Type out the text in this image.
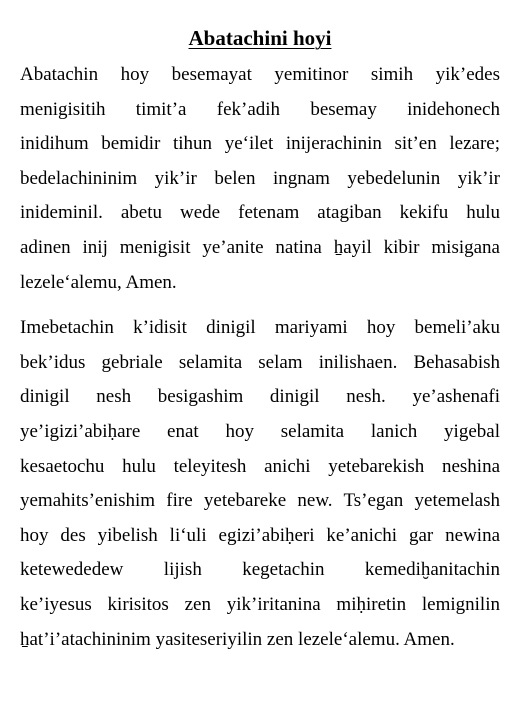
Abatachini hoyi
Abatachin hoy besemayat yemitinor simih yik’edes
menigisitih timit’a fek’adih besemay inidehonech
inidihum bemidir tihun ye‘ilet inijerachinin sit’en lezare;
bedelachininim yik’ir belen ingnam yebedelunin yik’ir
inideminil. abetu wede fetenam atagiban kekifu hulu
adinen inij menigisit ye’anite natina ẖayil kibir misigana
lezele‘alemu, Amen.
Imebetachin k’idisit dinigil mariyami hoy bemeli’aku
bek’idus gebriale selamita selam inilishaen. Behasabish
dinigil nesh besigashim dinigil nesh. ye’ashenafi
ye’igizi’abiḥare enat hoy selamita lanich yigebal
kesaetochu hulu teleyitesh anichi yetebarekish neshina
yemahits’enishim fire yetebareke new. Ts’egan yetemelash
hoy des yibelish li‘uli egizi’abiḥeri ke’anichi gar newina
ketewededew lijish kegetachin kemediḫanitachin
ke’iyesus kirisitos zen yik’iritanina miḥiretin lemignilin
ẖat’i’atachininim yasiteseriyilin zen lezele‘alemu. Amen.
